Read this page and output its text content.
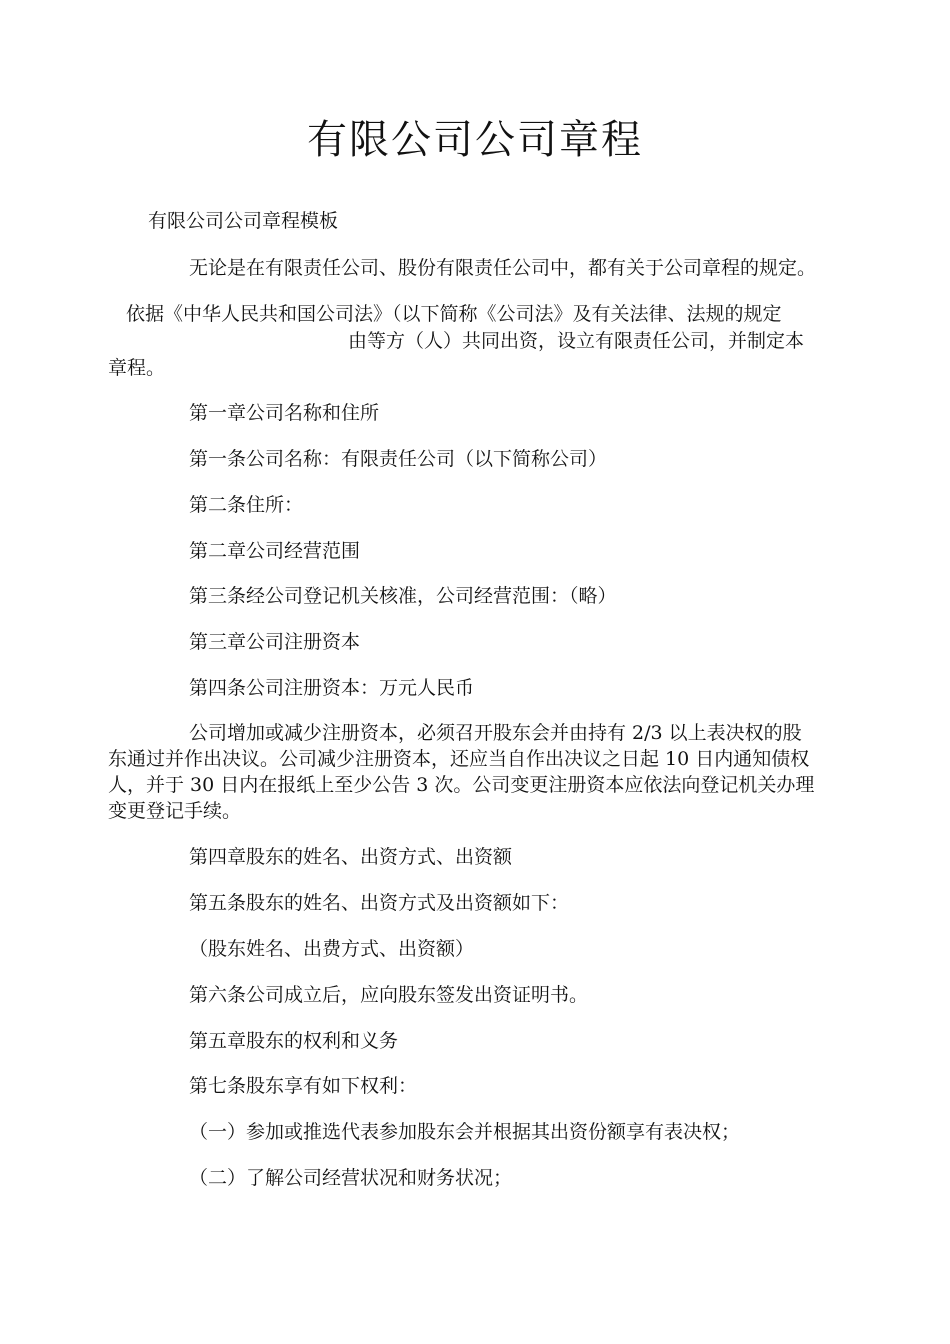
有限公司公司章程
有限公司公司章程模板
无论是在有限责任公司、股份有限责任公司中，都有关于公司章程的规定。
依据《中华人民共和国公司法》（以下简称《公司法》及有关法律、法规的规定
由等方（人）共同出资，设立有限责任公司，并制定本
章程。
第一章公司名称和住所
第一条公司名称：有限责任公司（以下简称公司）
第二条住所：
第二章公司经营范围
第三条经公司登记机关核准，公司经营范围：（略）
第三章公司注册资本
第四条公司注册资本：万元人民币
公司增加或减少注册资本，必须召开股东会并由持有 2/3 以上表决权的股
东通过并作出决议。公司减少注册资本，还应当自作出决议之日起 10 日内通知债权
人，并于 30 日内在报纸上至少公告 3 次。公司变更注册资本应依法向登记机关办理
变更登记手续。
第四章股东的姓名、出资方式、出资额
第五条股东的姓名、出资方式及出资额如下：
（股东姓名、出费方式、出资额）
第六条公司成立后，应向股东签发出资证明书。
第五章股东的权利和义务
第七条股东享有如下权利：
（一）参加或推选代表参加股东会并根据其出资份额享有表决权；
（二）了解公司经营状况和财务状况；
